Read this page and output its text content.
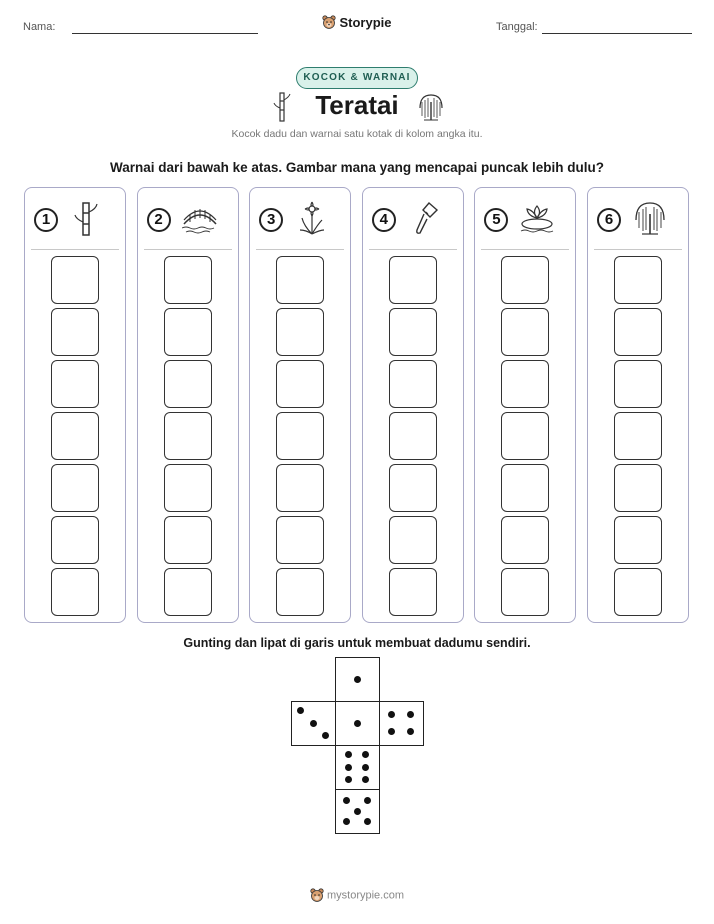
Nama:	Storypie	Tanggal:
KOCOK & WARNAI
Teratai
Kocok dadu dan warnai satu kotak di kolom angka itu.
Warnai dari bawah ke atas. Gambar mana yang mencapai puncak lebih dulu?
1	2	3	4	5	6
Gunting dan lipat di garis untuk membuat dadumu sendiri.
mystorypie.com
